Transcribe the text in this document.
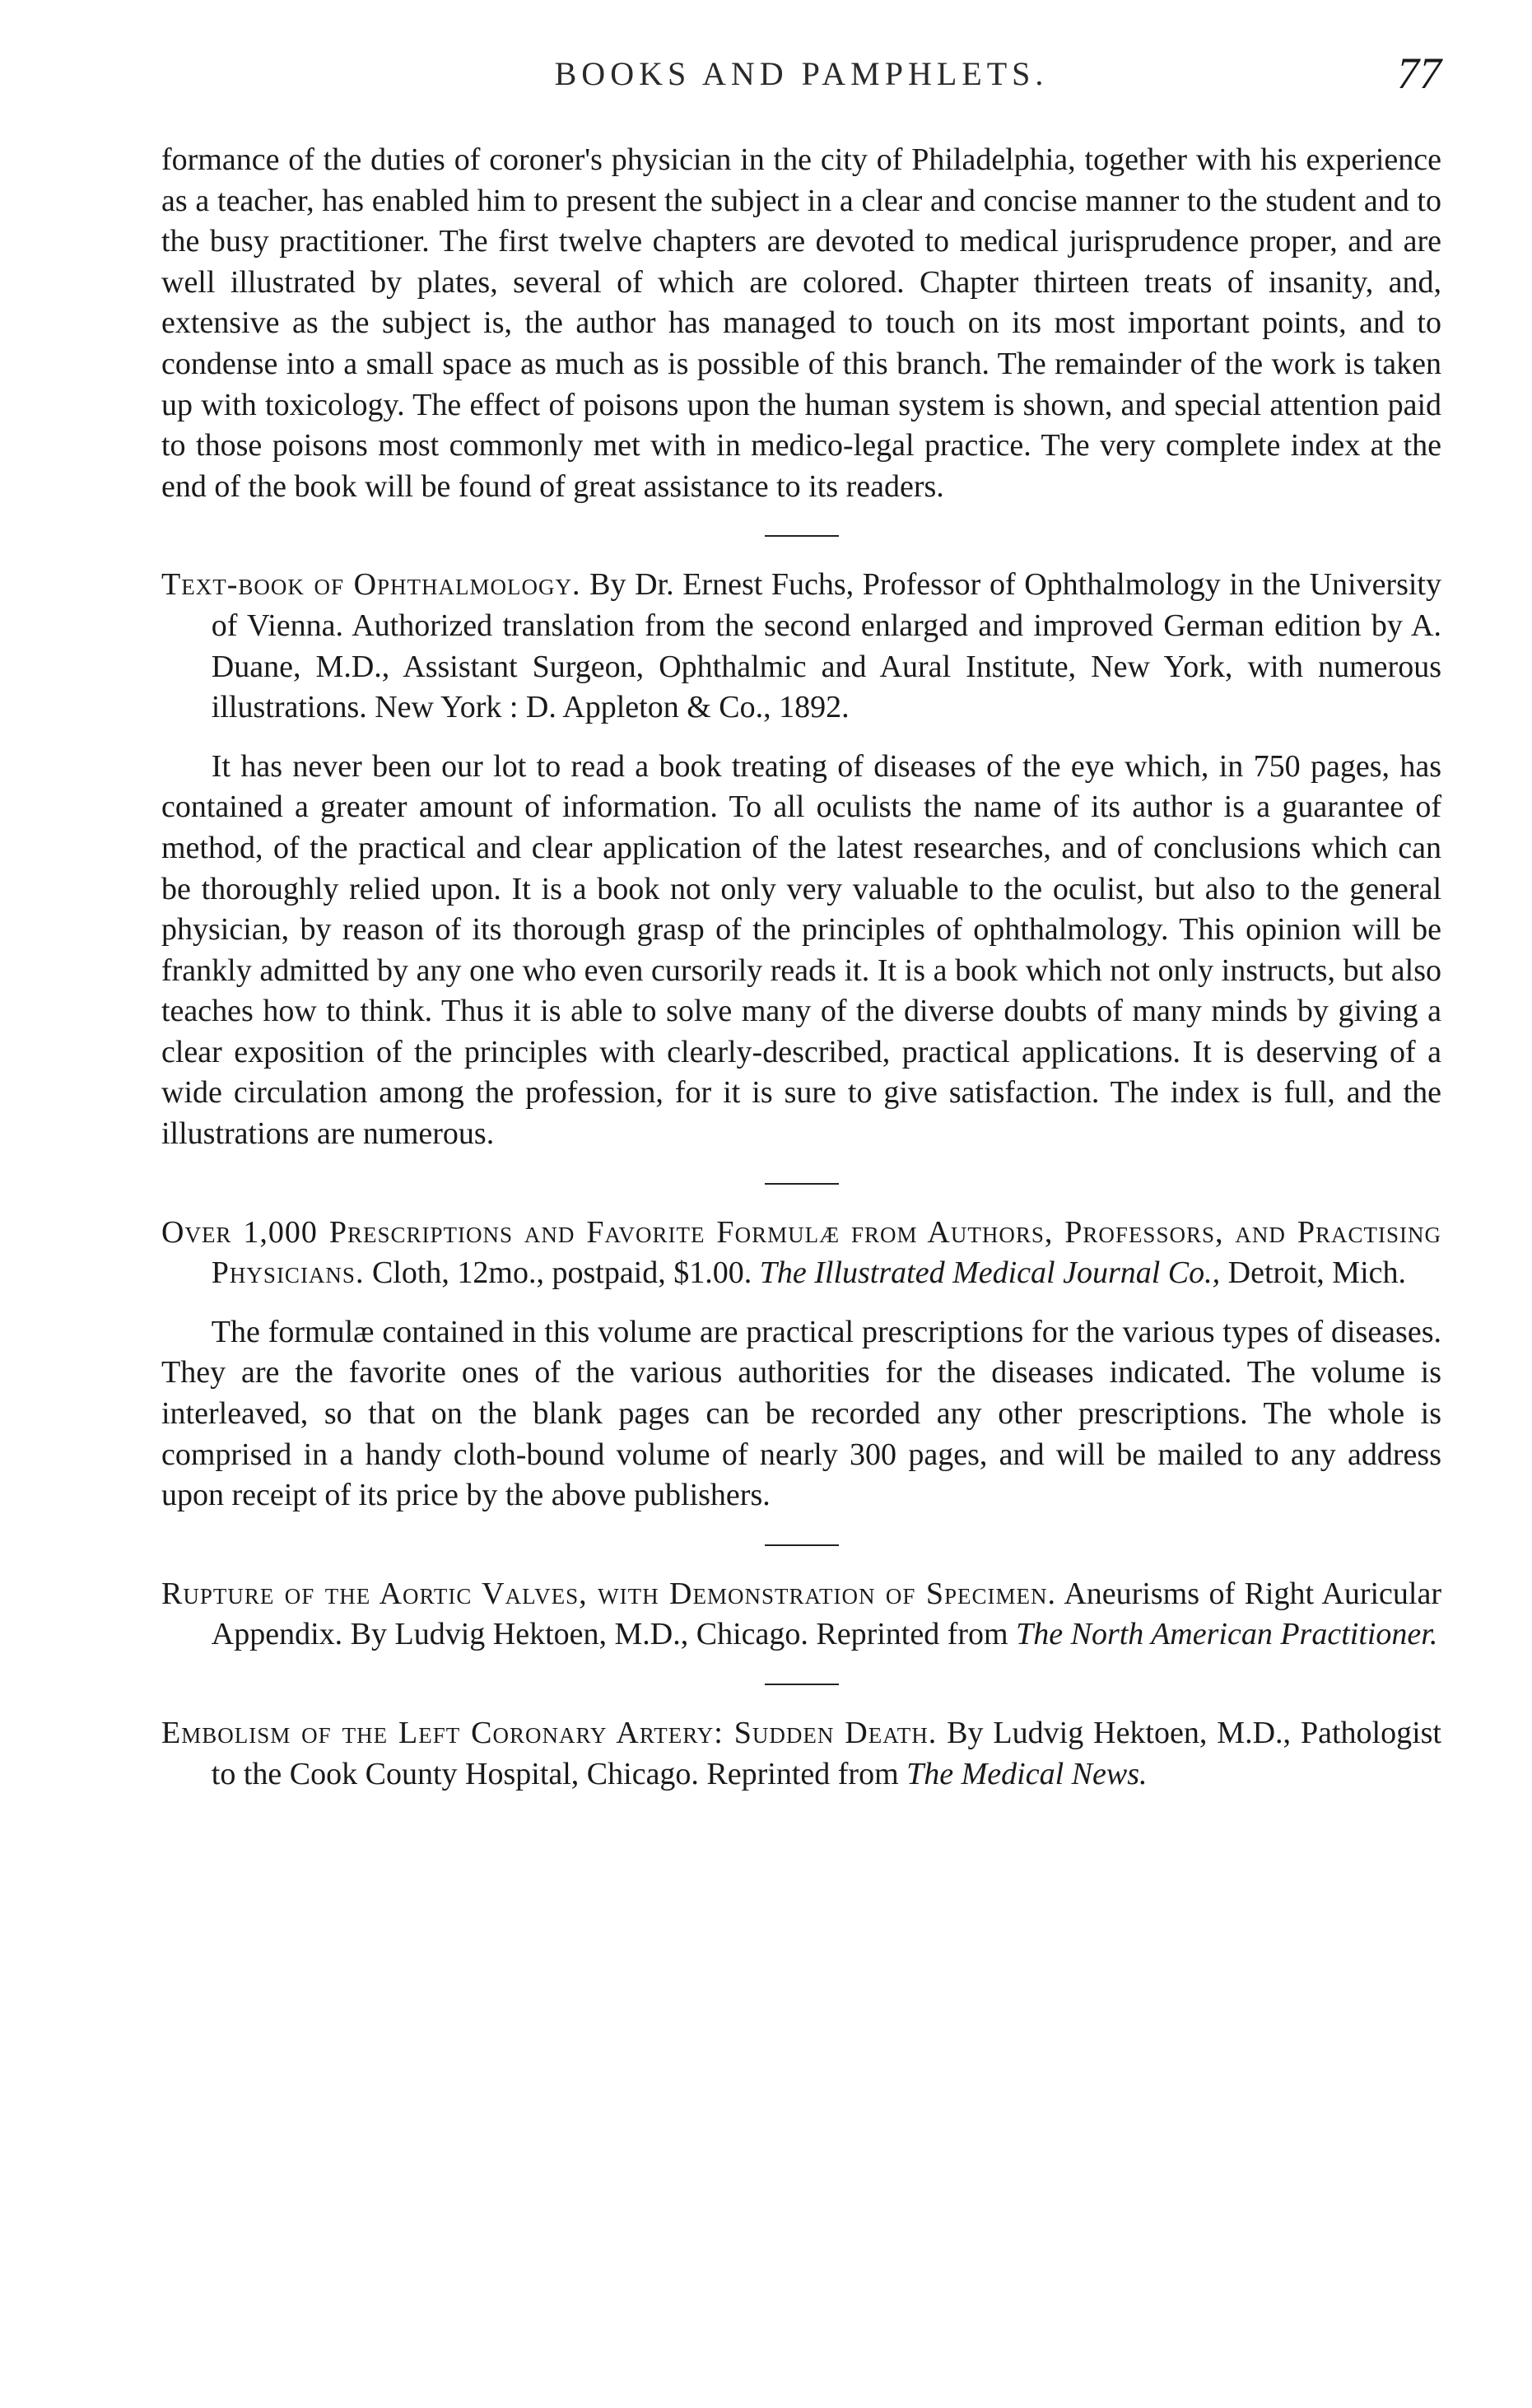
BOOKS AND PAMPHLETS.	77

formance of the duties of coroner's physician in the city of Philadelphia, together with his experience as a teacher, has enabled him to present the subject in a clear and concise manner to the student and to the busy practitioner. The first twelve chapters are devoted to medical jurisprudence proper, and are well illustrated by plates, several of which are colored. Chapter thirteen treats of insanity, and, extensive as the subject is, the author has managed to touch on its most important points, and to condense into a small space as much as is possible of this branch. The remainder of the work is taken up with toxicology. The effect of poisons upon the human system is shown, and special attention paid to those poisons most commonly met with in medico-legal practice. The very complete index at the end of the book will be found of great assistance to its readers.

Text-book of Ophthalmology. By Dr. Ernest Fuchs, Professor of Ophthalmology in the University of Vienna. Authorized translation from the second enlarged and improved German edition by A. Duane, M.D., Assistant Surgeon, Ophthalmic and Aural Institute, New York, with numerous illustrations. New York : D. Appleton & Co., 1892.

It has never been our lot to read a book treating of diseases of the eye which, in 750 pages, has contained a greater amount of information. To all oculists the name of its author is a guarantee of method, of the practical and clear application of the latest researches, and of conclusions which can be thoroughly relied upon. It is a book not only very valuable to the oculist, but also to the general physician, by reason of its thorough grasp of the principles of ophthalmology. This opinion will be frankly admitted by any one who even cursorily reads it. It is a book which not only instructs, but also teaches how to think. Thus it is able to solve many of the diverse doubts of many minds by giving a clear exposition of the principles with clearly-described, practical applications. It is deserving of a wide circulation among the profession, for it is sure to give satisfaction. The index is full, and the illustrations are numerous.

Over 1,000 Prescriptions and Favorite Formulæ from Authors, Professors, and Practising Physicians. Cloth, 12mo., postpaid, $1.00. The Illustrated Medical Journal Co., Detroit, Mich.

The formulæ contained in this volume are practical prescriptions for the various types of diseases. They are the favorite ones of the various authorities for the diseases indicated. The volume is interleaved, so that on the blank pages can be recorded any other prescriptions. The whole is comprised in a handy cloth-bound volume of nearly 300 pages, and will be mailed to any address upon receipt of its price by the above publishers.

Rupture of the Aortic Valves, with Demonstration of Specimen. Aneurisms of Right Auricular Appendix. By Ludvig Hektoen, M.D., Chicago. Reprinted from The North American Practitioner.

Embolism of the Left Coronary Artery: Sudden Death. By Ludvig Hektoen, M.D., Pathologist to the Cook County Hospital, Chicago. Reprinted from The Medical News.
